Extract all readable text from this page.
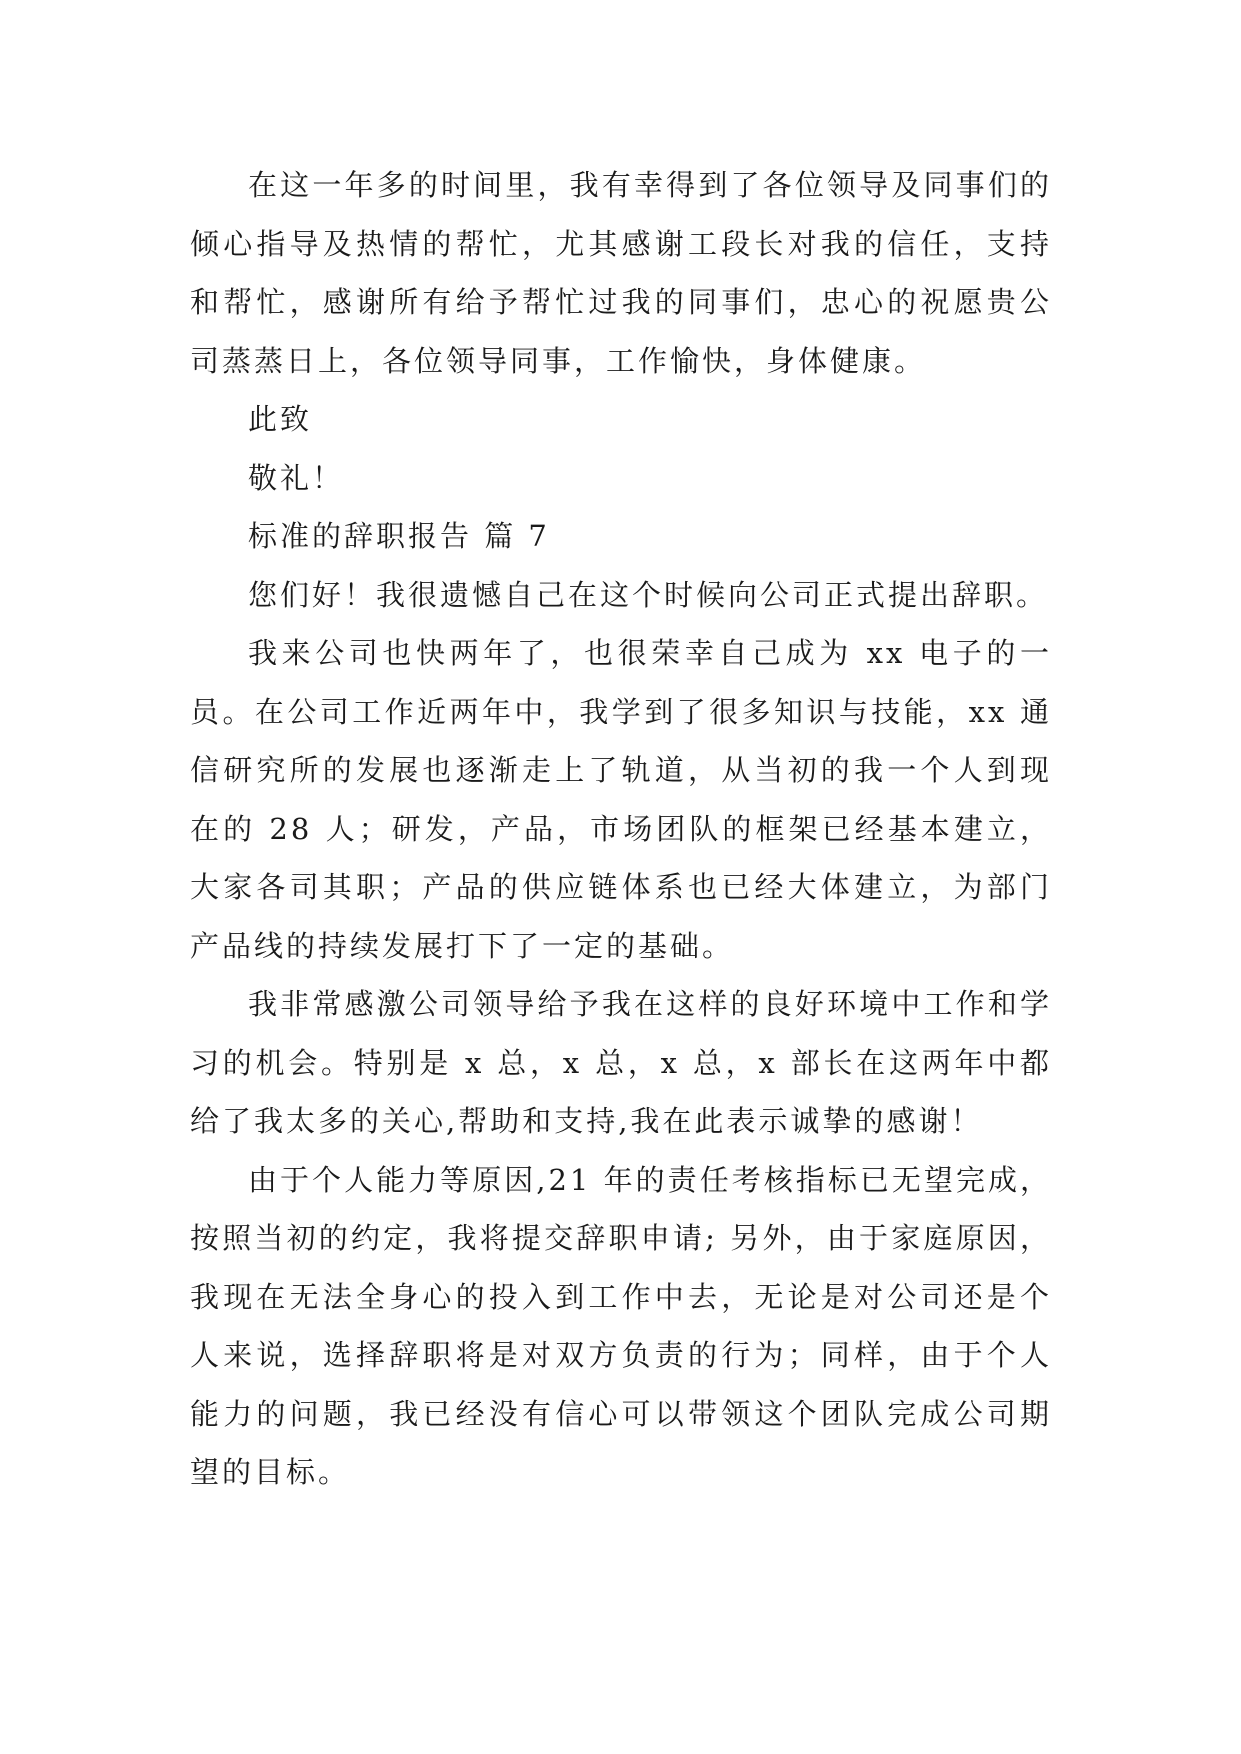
在这一年多的时间里，我有幸得到了各位领导及同事们的倾心指导及热情的帮忙，尤其感谢工段长对我的信任，支持和帮忙，感谢所有给予帮忙过我的同事们，忠心的祝愿贵公司蒸蒸日上，各位领导同事，工作愉快，身体健康。

此致

敬礼！

标准的辞职报告 篇 7

您们好！我很遗憾自己在这个时候向公司正式提出辞职。

我来公司也快两年了，也很荣幸自己成为 xx 电子的一员。在公司工作近两年中，我学到了很多知识与技能，xx 通信研究所的发展也逐渐走上了轨道，从当初的我一个人到现在的 28 人；研发，产品，市场团队的框架已经基本建立，大家各司其职；产品的供应链体系也已经大体建立，为部门产品线的持续发展打下了一定的基础。

我非常感激公司领导给予我在这样的良好环境中工作和学习的机会。特别是 x 总，x 总，x 总，x 部长在这两年中都给了我太多的关心,帮助和支持,我在此表示诚挚的感谢！

由于个人能力等原因,21 年的责任考核指标已无望完成，按照当初的约定，我将提交辞职申请; 另外，由于家庭原因，我现在无法全身心的投入到工作中去，无论是对公司还是个人来说，选择辞职将是对双方负责的行为；同样，由于个人能力的问题，我已经没有信心可以带领这个团队完成公司期望的目标。
